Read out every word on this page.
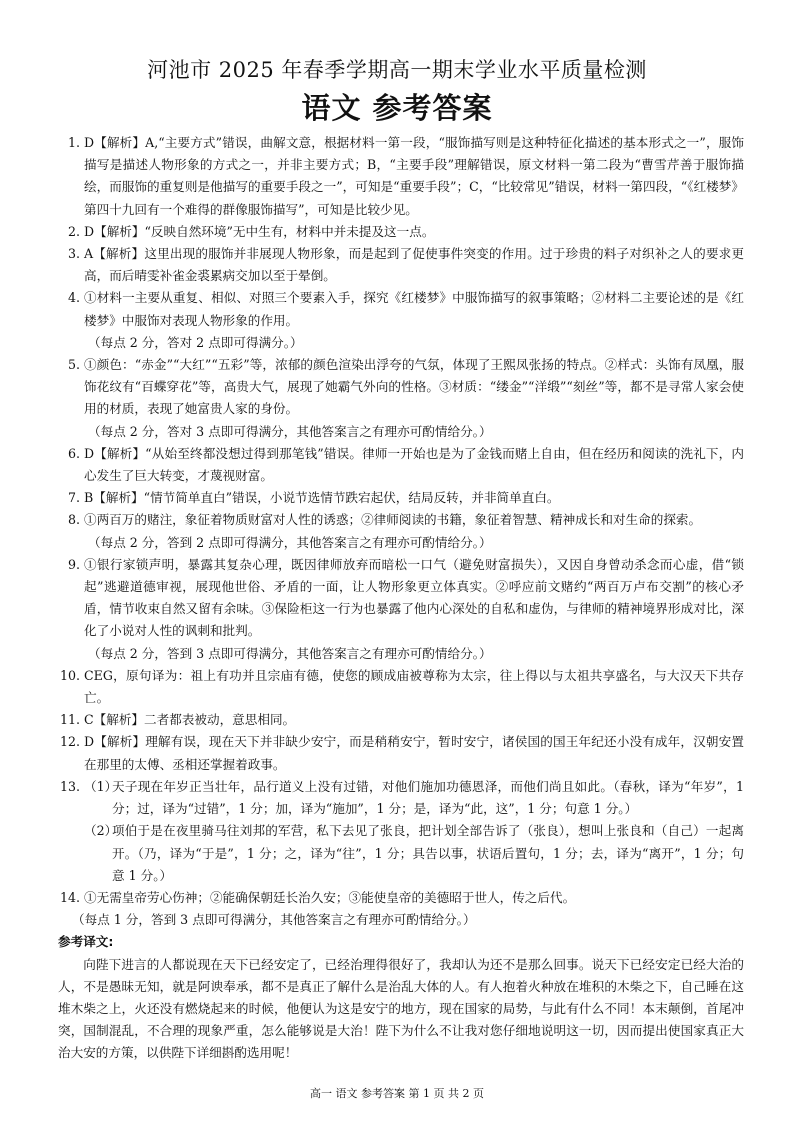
河池市 2025 年春季学期高一期末学业水平质量检测
语文 参考答案
1. D【解析】A,“主要方式”错误，曲解文意，根据材料一第一段，“服饰描写则是这种特征化描述的基本形式之一”，服饰描写是描述人物形象的方式之一，并非主要方式；B，“主要手段”理解错误，原文材料一第二段为“曹雪芹善于服饰描绘，而服饰的重复则是他描写的重要手段之一”，可知是“重要手段”；C，“比较常见”错误，材料一第四段，“《红楼梦》第四十九回有一个难得的群像服饰描写”，可知是比较少见。
2. D【解析】“反映自然环境”无中生有，材料中并未提及这一点。
3. A【解析】这里出现的服饰并非展现人物形象，而是起到了促使事件突变的作用。过于珍贵的料子对织补之人的要求更高，而后晴雯补雀金裘累病交加以至于晕倒。
4. ①材料一主要从重复、相似、对照三个要素入手，探究《红楼梦》中服饰描写的叙事策略；②材料二主要论述的是《红楼梦》中服饰对表现人物形象的作用。
（每点 2 分，答对 2 点即可得满分。）
5. ①颜色：“赤金”“大红”“五彩”等，浓郁的颜色渲染出浮夸的气氛，体现了王熙凤张扬的特点。②样式：头饰有凤凰，服饰花纹有“百蝶穿花”等，高贵大气，展现了她霸气外向的性格。③材质：“缕金”“洋缎”“刻丝”等，都不是寻常人家会使用的材质，表现了她富贵人家的身份。
（每点 2 分，答对 3 点即可得满分，其他答案言之有理亦可酌情给分。）
6. D【解析】“从始至终都没想过得到那笔钱”错误。律师一开始也是为了金钱而赌上自由，但在经历和阅读的洗礼下，内心发生了巨大转变，才蔑视财富。
7. B【解析】“情节简单直白”错误，小说节选情节跌宕起伏，结局反转，并非简单直白。
8. ①两百万的赌注，象征着物质财富对人性的诱惑；②律师阅读的书籍，象征着智慧、精神成长和对生命的探索。
（每点 2 分，答到 2 点即可得满分，其他答案言之有理亦可酌情给分。）
9. ①银行家锁声明，暴露其复杂心理，既因律师放弃而暗松一口气（避免财富损失），又因自身曾动杀念而心虚，借“锁起”逃避道德审视，展现他世俗、矛盾的一面，让人物形象更立体真实。②呼应前文赌约“两百万卢布交割”的核心矛盾，情节收束自然又留有余味。③保险柜这一行为也暴露了他内心深处的自私和虚伪，与律师的精神境界形成对比，深化了小说对人性的讽刺和批判。
（每点 2 分，答到 3 点即可得满分，其他答案言之有理亦可酌情给分。）
10. CEG，原句译为：祖上有功并且宗庙有德，使您的顾成庙被尊称为太宗，往上得以与太祖共享盛名，与大汉天下共存亡。
11. C【解析】二者都表被动，意思相同。
12. D【解析】理解有误，现在天下并非缺少安宁，而是稍稍安宁，暂时安宁，诸侯国的国王年纪还小没有成年，汉朝安置在那里的太傅、丞相还掌握着政事。
13.
（1）
天子现在年岁正当壮年，品行道义上没有过错，对他们施加功德恩泽，而他们尚且如此。（春秋，译为“年岁”，1 分；过，译为“过错”，1 分；加，译为“施加”，1 分；是，译为“此，这”，1 分；句意 1 分。）
（2）
项伯于是在夜里骑马往刘邦的军营，私下去见了张良，把计划全部告诉了（张良），想叫上张良和（自己）一起离开。（乃，译为“于是”，1 分；之，译为“往”，1 分；具告以事，状语后置句，1 分；去，译为“离开”，1 分；句意 1 分。）
14. ①无需皇帝劳心伤神；②能确保朝廷长治久安；③能使皇帝的美德昭于世人，传之后代。
（每点 1 分，答到 3 点即可得满分，其他答案言之有理亦可酌情给分。）
参考译文:
向陛下进言的人都说现在天下已经安定了，已经治理得很好了，我却认为还不是那么回事。说天下已经安定已经大治的人，不是愚昧无知，就是阿谀奉承，都不是真正了解什么是治乱大体的人。有人抱着火种放在堆积的木柴之下，自己睡在这堆木柴之上，火还没有燃烧起来的时候，他便认为这是安宁的地方，现在国家的局势，与此有什么不同！本末颠倒，首尾冲突，国制混乱，不合理的现象严重，怎么能够说是大治！陛下为什么不让我对您仔细地说明这一切，因而提出使国家真正大治大安的方策，以供陛下详细斟酌选用呢！
高一 语文 参考答案 第 1 页 共 2 页
